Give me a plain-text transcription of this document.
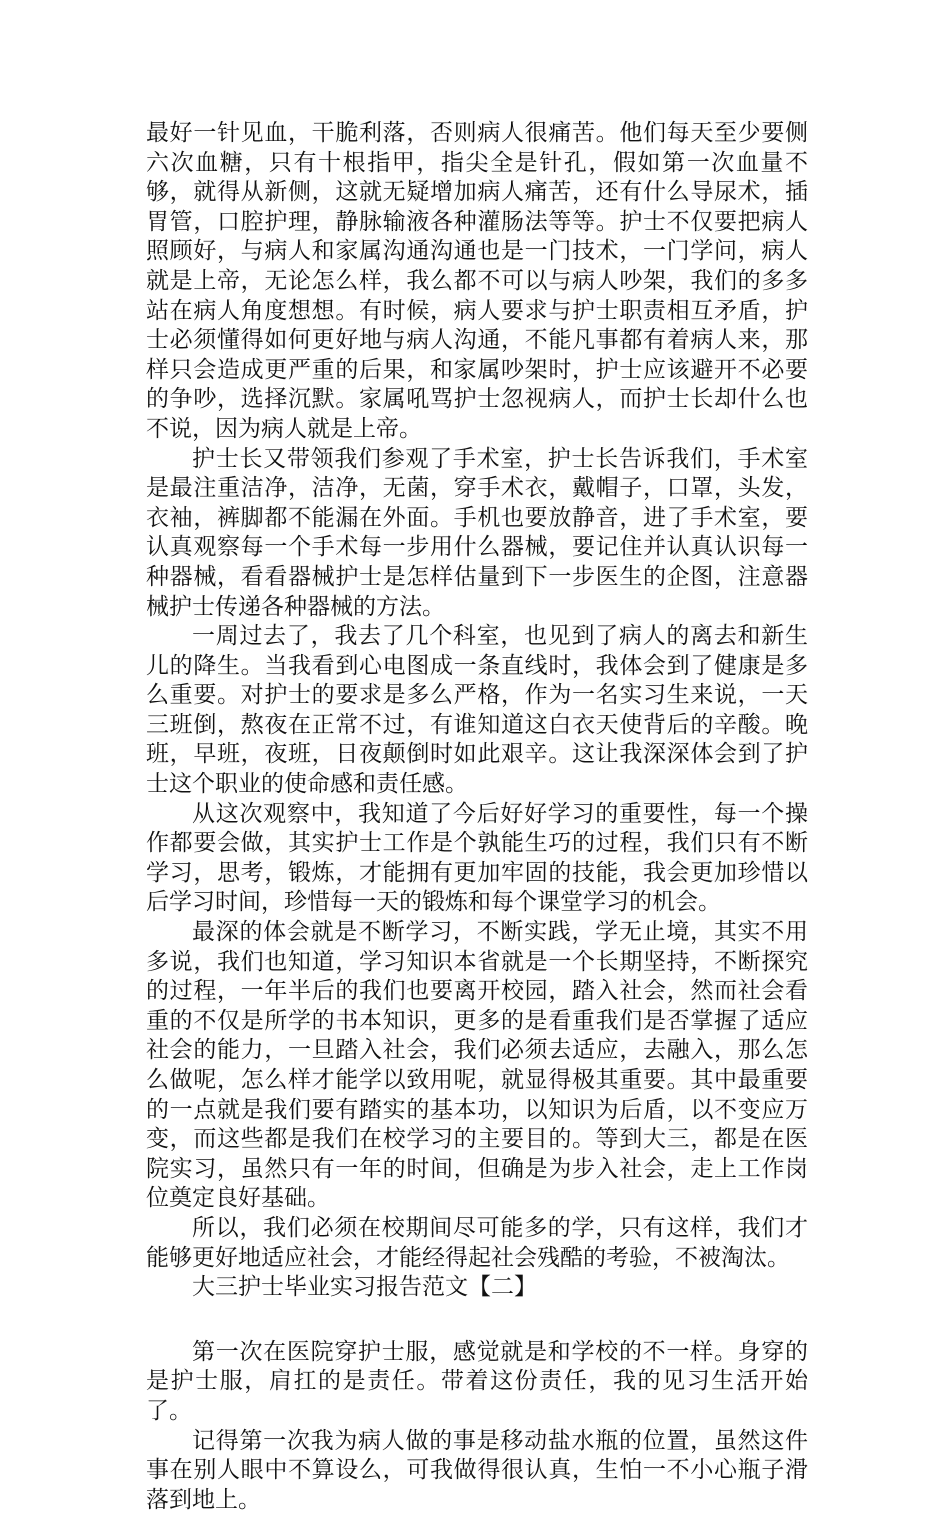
最好一针见血，干脆利落，否则病人很痛苦。他们每天至少要侧六次血糖，只有十根指甲，指尖全是针孔，假如第一次血量不够，就得从新侧，这就无疑增加病人痛苦，还有什么导尿术，插胃管，口腔护理，静脉输液各种灌肠法等等。护士不仅要把病人照顾好，与病人和家属沟通沟通也是一门技术，一门学问，病人就是上帝，无论怎么样，我么都不可以与病人吵架，我们的多多站在病人角度想想。有时候，病人要求与护士职责相互矛盾，护士必须懂得如何更好地与病人沟通，不能凡事都有着病人来，那样只会造成更严重的后果，和家属吵架时，护士应该避开不必要的争吵，选择沉默。家属吼骂护士忽视病人，而护士长却什么也不说，因为病人就是上帝。

护士长又带领我们参观了手术室，护士长告诉我们，手术室是最注重洁净，洁净，无菌，穿手术衣，戴帽子，口罩，头发，衣袖，裤脚都不能漏在外面。手机也要放静音，进了手术室，要认真观察每一个手术每一步用什么器械，要记住并认真认识每一种器械，看看器械护士是怎样估量到下一步医生的企图，注意器械护士传递各种器械的方法。

一周过去了，我去了几个科室，也见到了病人的离去和新生儿的降生。当我看到心电图成一条直线时，我体会到了健康是多么重要。对护士的要求是多么严格，作为一名实习生来说，一天三班倒，熬夜在正常不过，有谁知道这白衣天使背后的辛酸。晚班，早班，夜班，日夜颠倒时如此艰辛。这让我深深体会到了护士这个职业的使命感和责任感。

从这次观察中，我知道了今后好好学习的重要性，每一个操作都要会做，其实护士工作是个孰能生巧的过程，我们只有不断学习，思考，锻炼，才能拥有更加牢固的技能，我会更加珍惜以后学习时间，珍惜每一天的锻炼和每个课堂学习的机会。

最深的体会就是不断学习，不断实践，学无止境，其实不用多说，我们也知道，学习知识本省就是一个长期坚持，不断探究的过程，一年半后的我们也要离开校园，踏入社会，然而社会看重的不仅是所学的书本知识，更多的是看重我们是否掌握了适应社会的能力，一旦踏入社会，我们必须去适应，去融入，那么怎么做呢，怎么样才能学以致用呢，就显得极其重要。其中最重要的一点就是我们要有踏实的基本功，以知识为后盾，以不变应万变，而这些都是我们在校学习的主要目的。等到大三，都是在医院实习，虽然只有一年的时间，但确是为步入社会，走上工作岗位奠定良好基础。

所以，我们必须在校期间尽可能多的学，只有这样，我们才能够更好地适应社会，才能经得起社会残酷的考验，不被淘汰。

大三护士毕业实习报告范文【二】

第一次在医院穿护士服，感觉就是和学校的不一样。身穿的是护士服，肩扛的是责任。带着这份责任，我的见习生活开始了。

记得第一次我为病人做的事是移动盐水瓶的位置，虽然这件事在别人眼中不算设么，可我做得很认真，生怕一不小心瓶子滑落到地上。
